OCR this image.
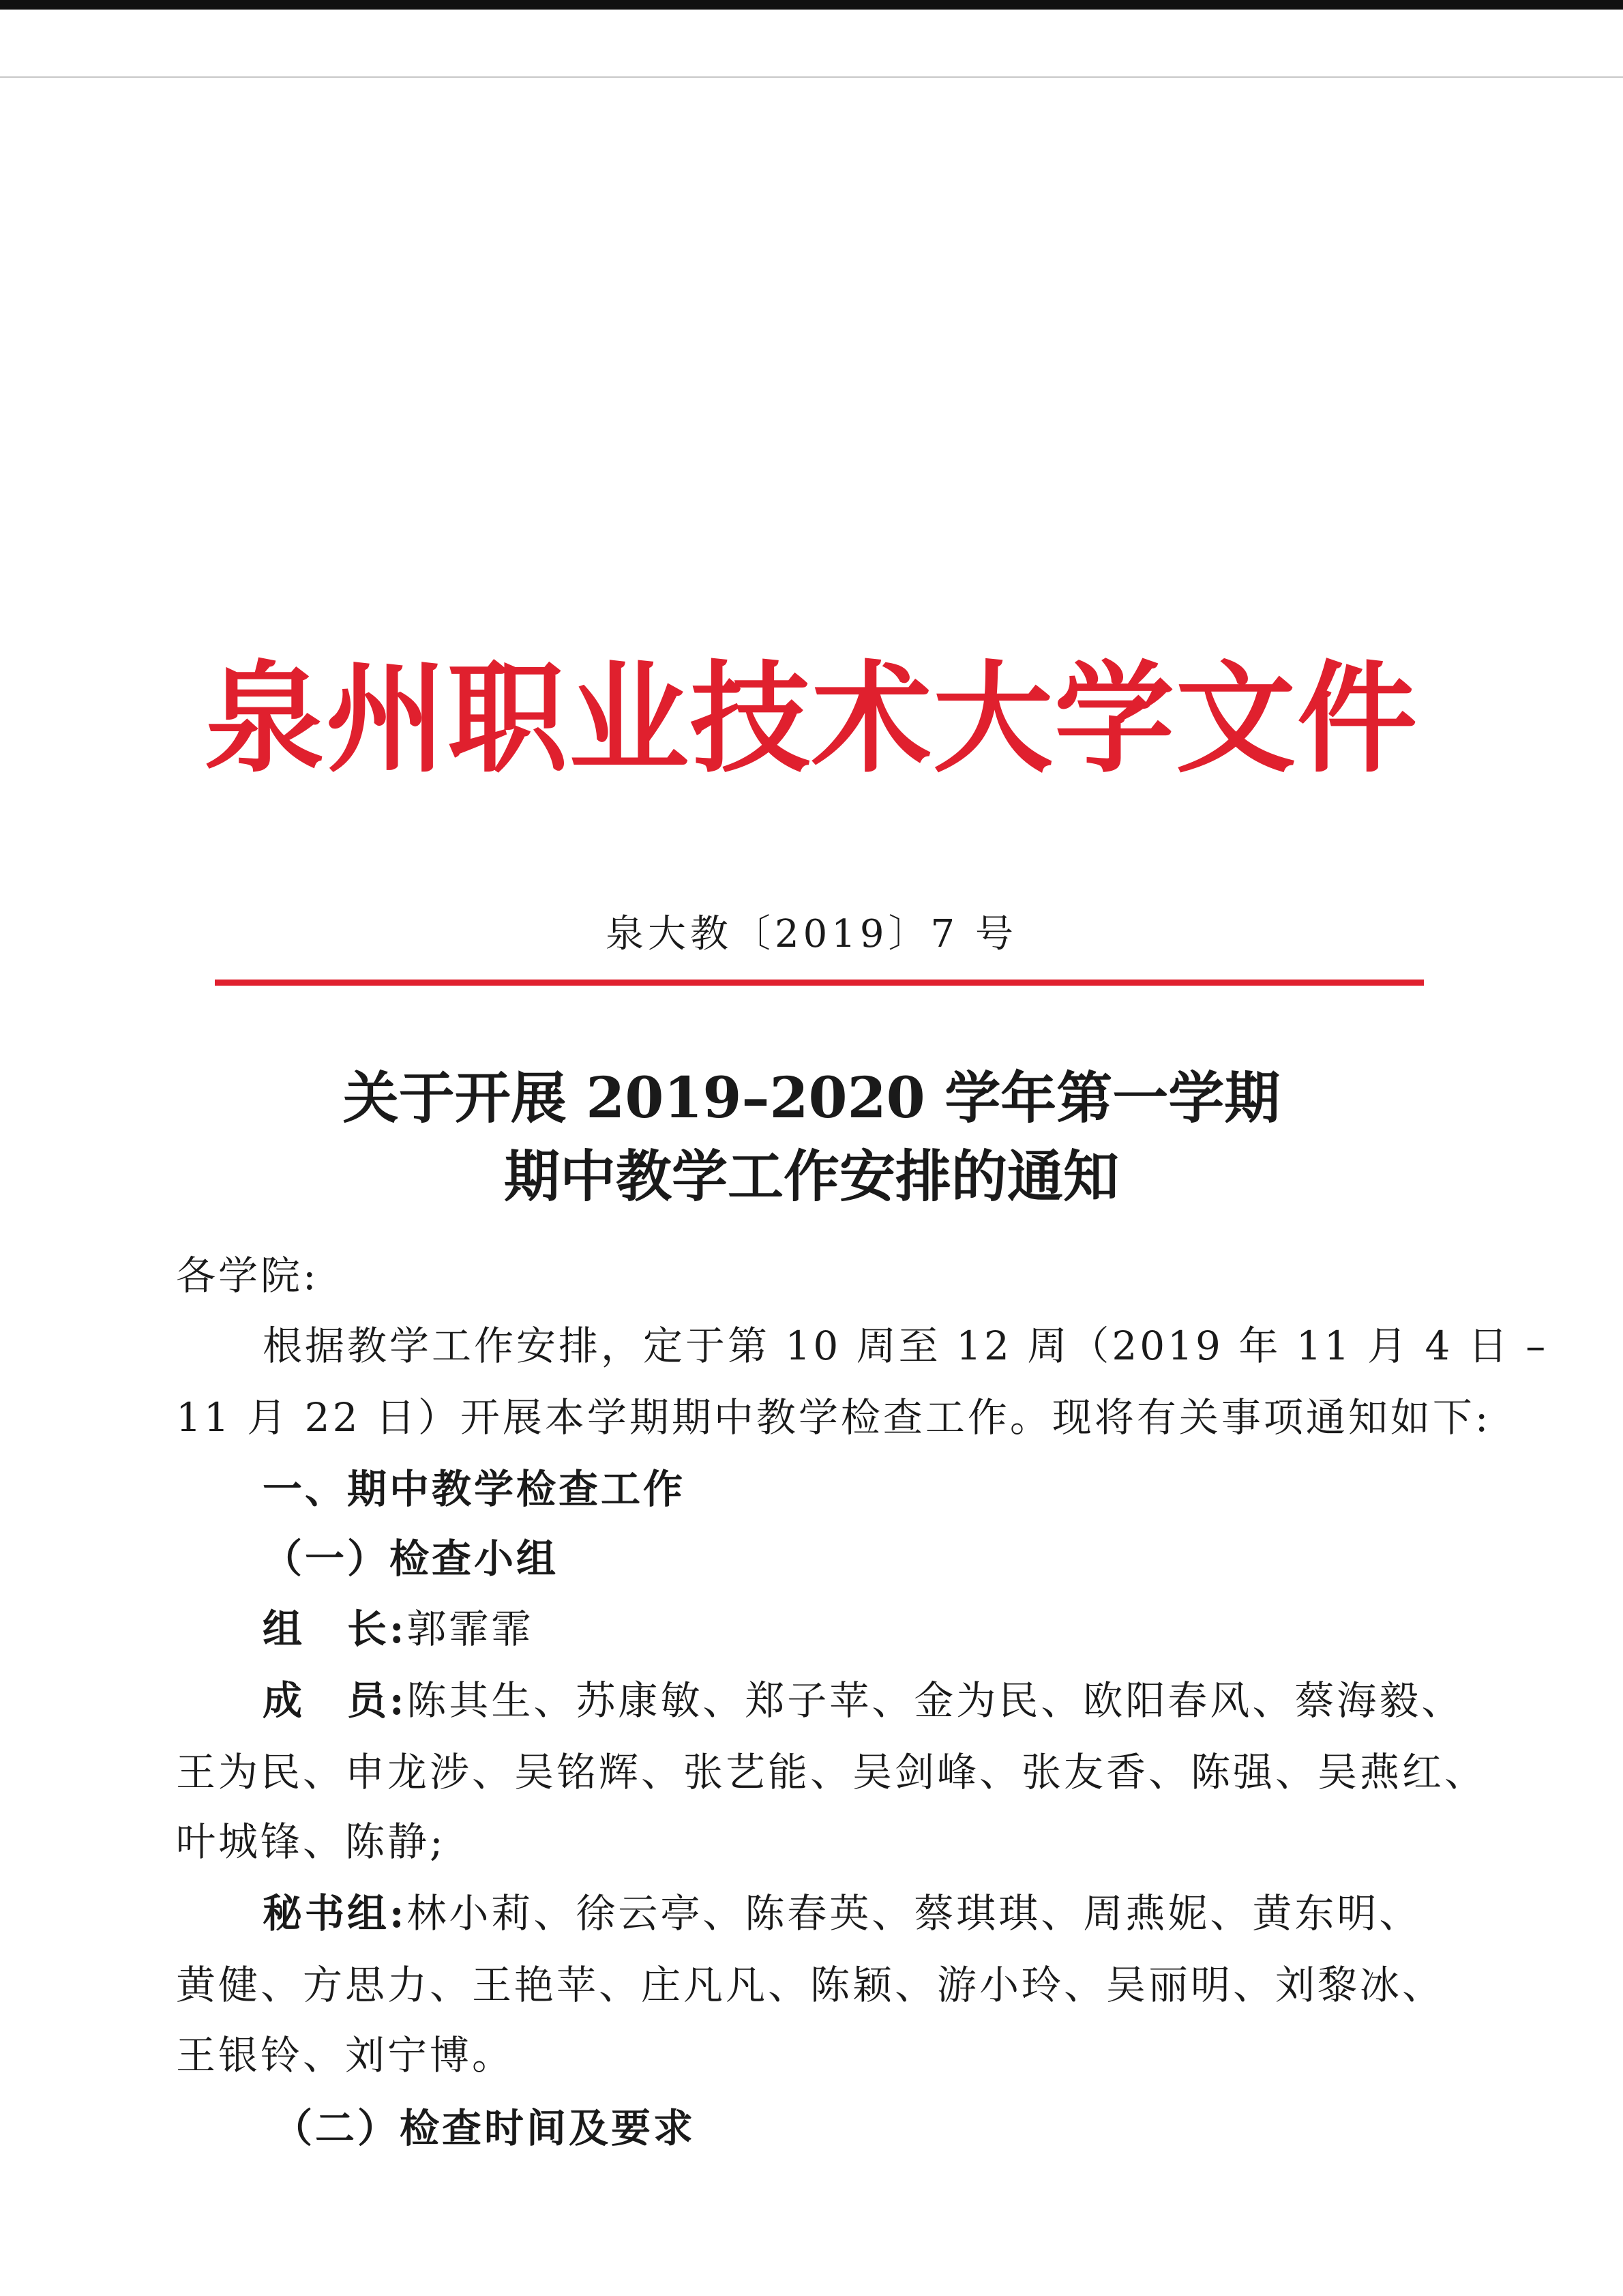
泉州职业技术大学文件
泉大教〔2019〕7 号
关于开展 2019–2020 学年第一学期
期中教学工作安排的通知
各学院:
根据教学工作安排，定于第 10 周至 12 周（2019 年 11 月 4 日 –
11 月 22 日）开展本学期期中教学检查工作。现将有关事项通知如下:
一、期中教学检查工作
（一）检查小组
组　长:郭霏霏
成　员:陈其生、苏康敏、郑子苹、金为民、欧阳春风、蔡海毅、
王为民、申龙涉、吴铭辉、张艺能、吴剑峰、张友香、陈强、吴燕红、
叶城锋、陈静;
秘书组:林小莉、徐云亭、陈春英、蔡琪琪、周燕妮、黄东明、
黄健、方思力、王艳苹、庄凡凡、陈颖、游小玲、吴丽明、刘黎冰、
王银铃、刘宁博。
（二）检查时间及要求
